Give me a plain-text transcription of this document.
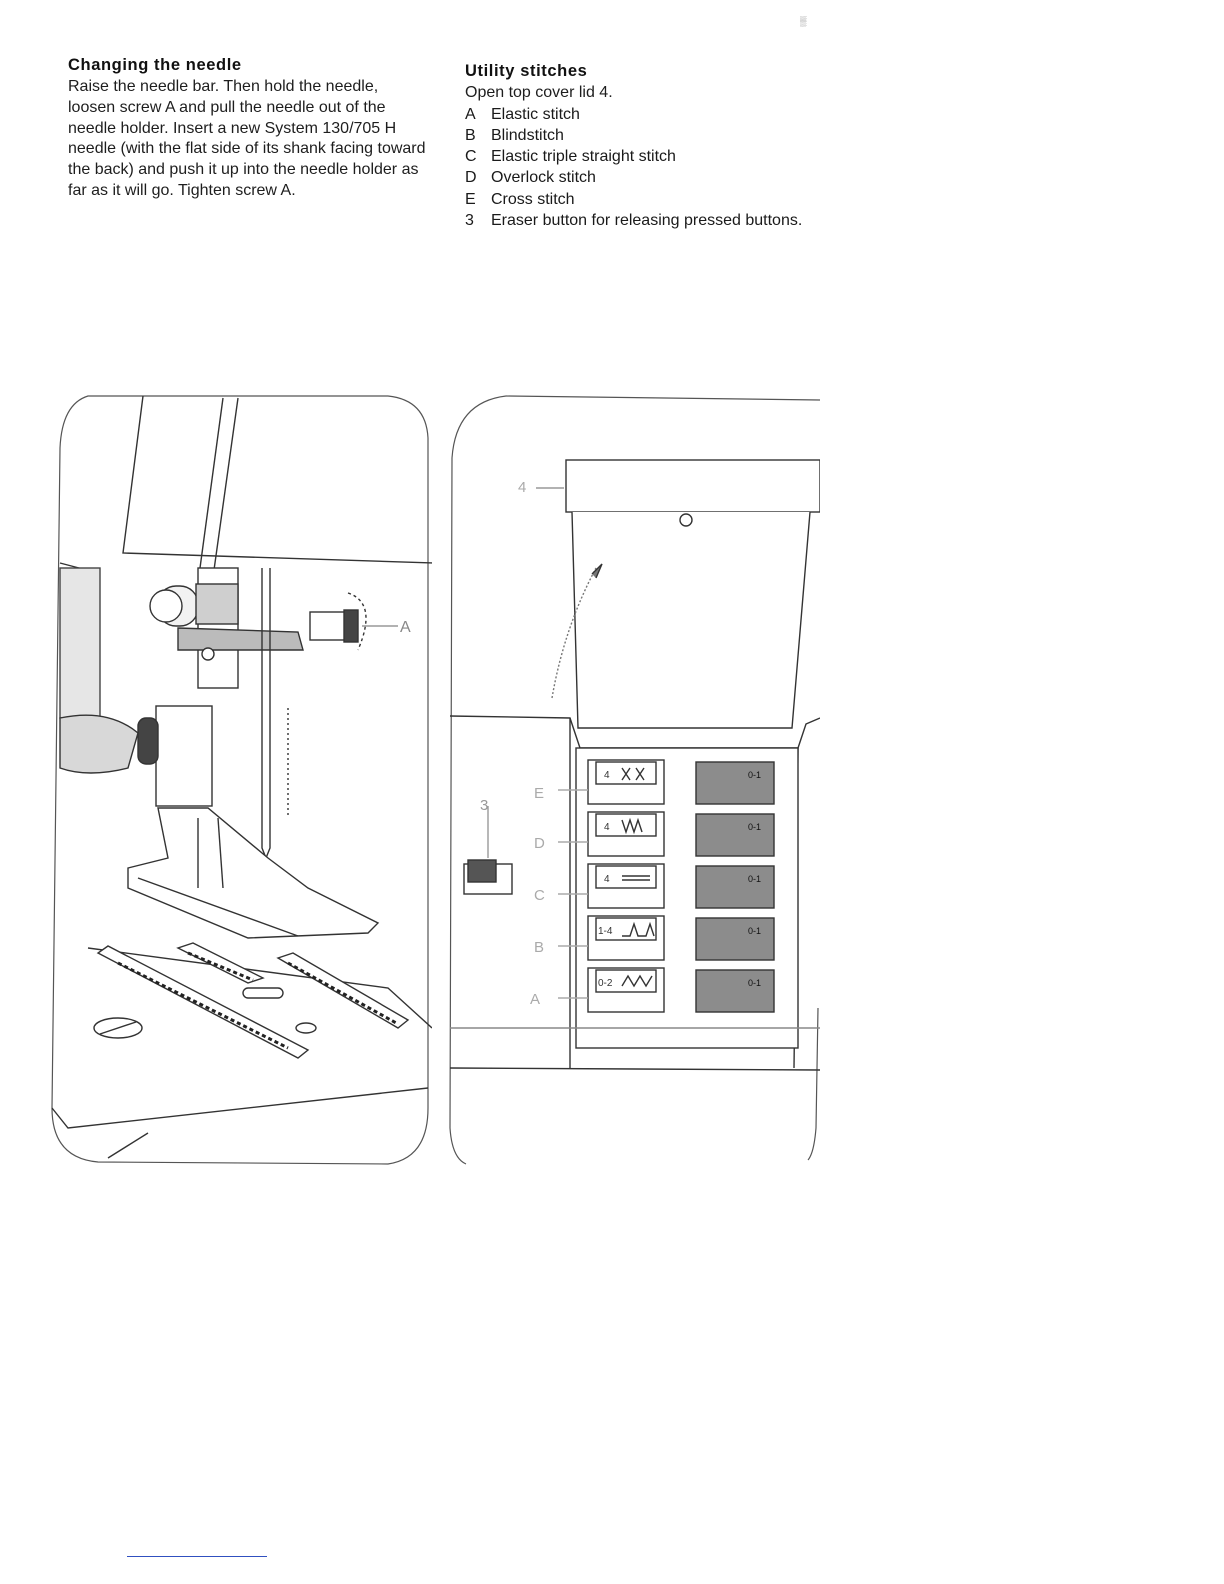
▒
Changing the needle

Raise the needle bar. Then hold the needle, loosen screw A and pull the needle out of the needle holder. Insert a new System 130/705 H needle (with the flat side of its shank facing toward the back) and push it up into the needle holder as far as it will go. Tighten screw A.

Utility stitches

Open top cover lid 4.

A Elastic stitch
B Blindstitch
C Elastic triple straight stitch
D Overlock stitch
E Cross stitch
3	Eraser button for releasing pressed buttons.
A
3
4
4	0-1
E
4	0-1
D
4	0-1
C
1-4	0-1
B
0-2	0-1
A
